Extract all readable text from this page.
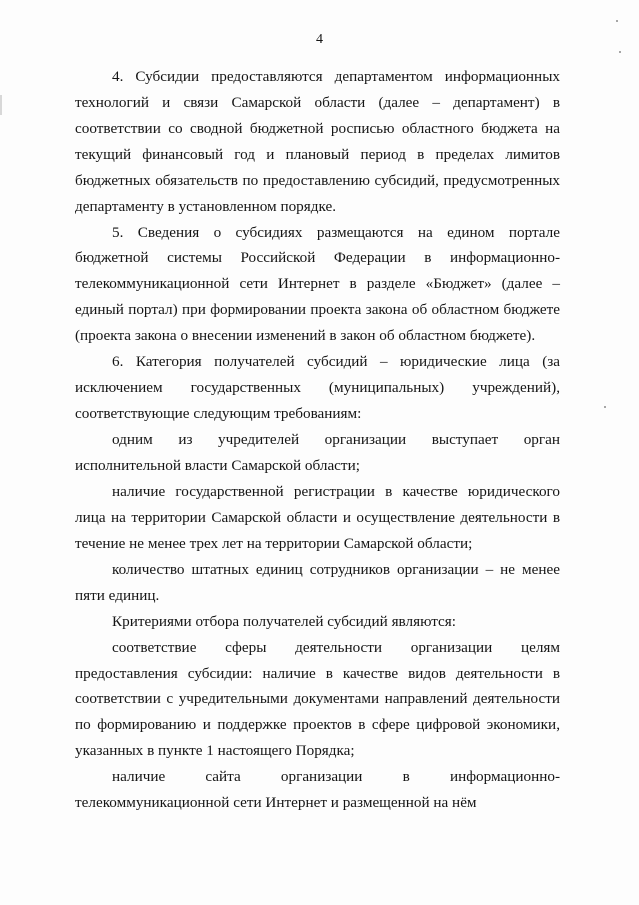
4

4. Субсидии предоставляются департаментом информационных технологий и связи Самарской области (далее – департамент) в соответствии со сводной бюджетной росписью областного бюджета на текущий финансовый год и плановый период в пределах лимитов бюджетных обязательств по предоставлению субсидий, предусмотренных департаменту в установленном порядке.

5. Сведения о субсидиях размещаются на едином портале бюджетной системы Российской Федерации в информационно-телекоммуникационной сети Интернет в разделе «Бюджет» (далее – единый портал) при формировании проекта закона об областном бюджете (проекта закона о внесении изменений в закон об областном бюджете).

6. Категория получателей субсидий – юридические лица (за исключением государственных (муниципальных) учреждений), соответствующие следующим требованиям:

одним из учредителей организации выступает орган исполнительной власти Самарской области;

наличие государственной регистрации в качестве юридического лица на территории Самарской области и осуществление деятельности в течение не менее трех лет на территории Самарской области;

количество штатных единиц сотрудников организации – не менее пяти единиц.

Критериями отбора получателей субсидий являются:

соответствие сферы деятельности организации целям предоставления субсидии: наличие в качестве видов деятельности в соответствии с учредительными документами направлений деятельности по формированию и поддержке проектов в сфере цифровой экономики, указанных в пункте 1 настоящего Порядка;

наличие сайта организации в информационно-телекоммуникационной сети Интернет и размещенной на нём
